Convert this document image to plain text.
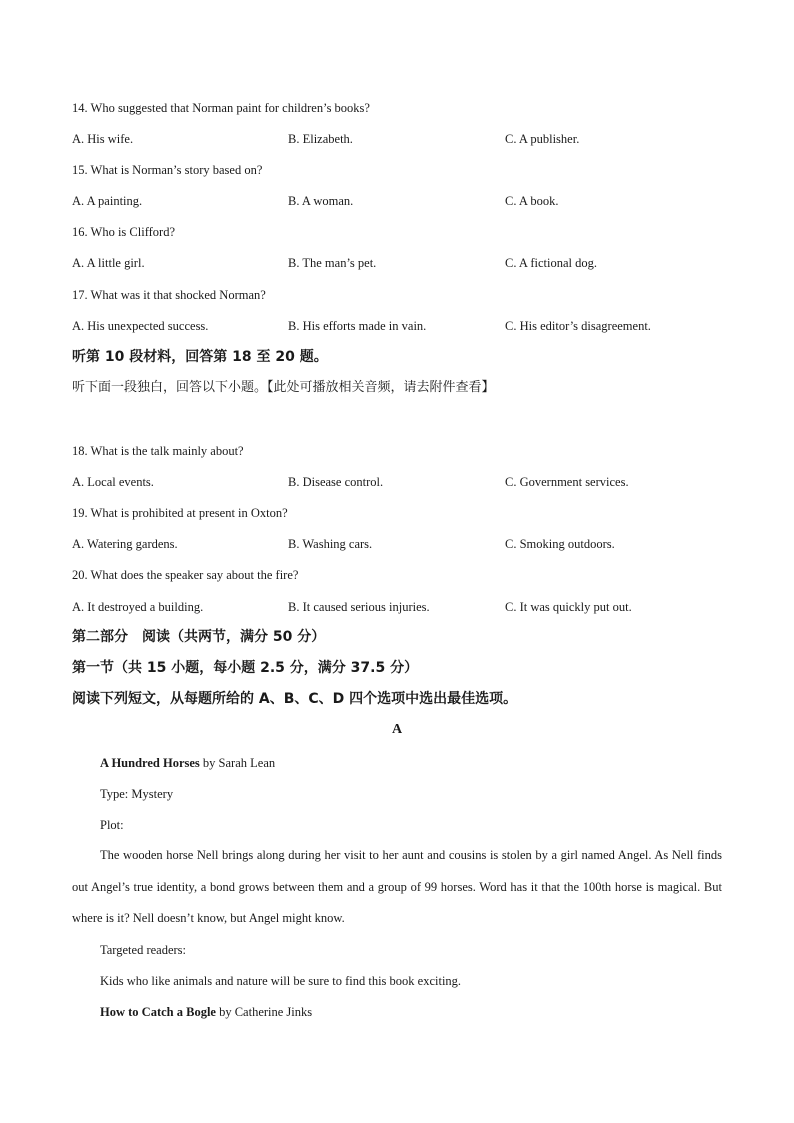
14. Who suggested that Norman paint for children’s books?
A. His wife.	B. Elizabeth.	C. A publisher.
15. What is Norman’s story based on?
A. A painting.	B. A woman.	C. A book.
16. Who is Clifford?
A. A little girl.	B. The man’s pet.	C. A fictional dog.
17. What was it that shocked Norman?
A. His unexpected success.	B. His efforts made in vain.	C. His editor’s disagreement.
听第 10 段材料，回答第 18 至 20 题。
听下面一段独白，回答以下小题。【此处可播放相关音频，请去附件查看】
18. What is the talk mainly about?
A. Local events.	B. Disease control.	C. Government services.
19. What is prohibited at present in Oxton?
A. Watering gardens.	B. Washing cars.	C. Smoking outdoors.
20. What does the speaker say about the fire?
A. It destroyed a building.	B. It caused serious injuries.	C. It was quickly put out.
第二部分　阅读（共两节，满分 50 分）
第一节（共 15 小题，每小题 2.5 分，满分 37.5 分）
阅读下列短文，从每题所给的 A、B、C、D 四个选项中选出最佳选项。
A
A Hundred Horses by Sarah Lean
Type: Mystery
Plot:
The wooden horse Nell brings along during her visit to her aunt and cousins is stolen by a girl named Angel. As Nell finds out Angel’s true identity, a bond grows between them and a group of 99 horses. Word has it that the 100th horse is magical. But where is it? Nell doesn’t know, but Angel might know.
Targeted readers:
Kids who like animals and nature will be sure to find this book exciting.
How to Catch a Bogle by Catherine Jinks
